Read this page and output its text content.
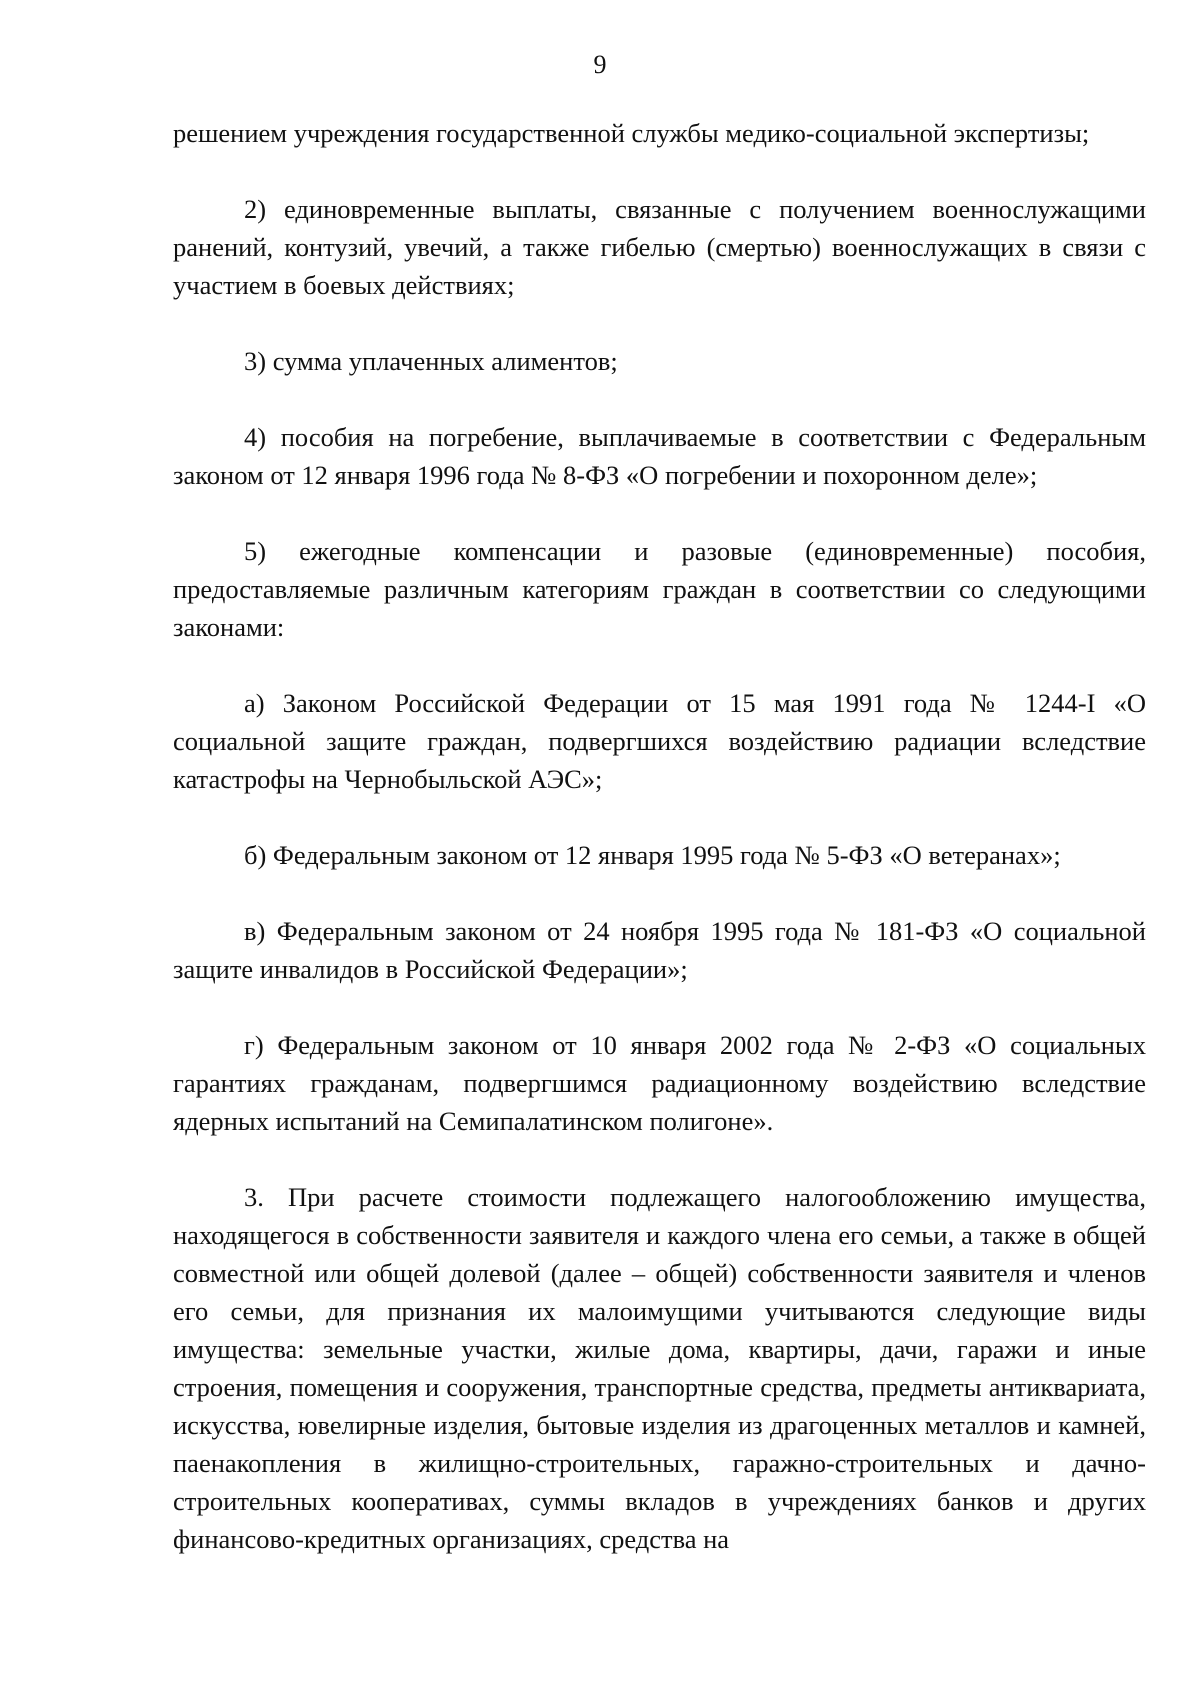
9

решением учреждения государственной службы медико-социальной экспертизы;

2) единовременные выплаты, связанные с получением военнослужащими ранений, контузий, увечий, а также гибелью (смертью) военнослужащих в связи с участием в боевых действиях;

3) сумма уплаченных алиментов;

4) пособия на погребение, выплачиваемые в соответствии с Федеральным законом от 12 января 1996 года № 8-ФЗ «О погребении и похоронном деле»;

5) ежегодные компенсации и разовые (единовременные) пособия, предоставляемые различным категориям граждан в соответствии со следующими законами:

а) Законом Российской Федерации от 15 мая 1991 года № 1244-I «О социальной защите граждан, подвергшихся воздействию радиации вследствие катастрофы на Чернобыльской АЭС»;

б) Федеральным законом от 12 января 1995 года № 5-ФЗ «О ветеранах»;

в) Федеральным законом от 24 ноября 1995 года № 181-ФЗ «О социальной защите инвалидов в Российской Федерации»;

г) Федеральным законом от 10 января 2002 года № 2-ФЗ «О социальных гарантиях гражданам, подвергшимся радиационному воздействию вследствие ядерных испытаний на Семипалатинском полигоне».

3. При расчете стоимости подлежащего налогообложению имущества, находящегося в собственности заявителя и каждого члена его семьи, а также в общей совместной или общей долевой (далее – общей) собственности заявителя и членов его семьи, для признания их малоимущими учитываются следующие виды имущества: земельные участки, жилые дома, квартиры, дачи, гаражи и иные строения, помещения и сооружения, транспортные средства, предметы антиквариата, искусства, ювелирные изделия, бытовые изделия из драгоценных металлов и камней, паенакопления в жилищно-строительных, гаражно-строительных и дачно-строительных кооперативах, суммы вкладов в учреждениях банков и других финансово-кредитных организациях, средства на
